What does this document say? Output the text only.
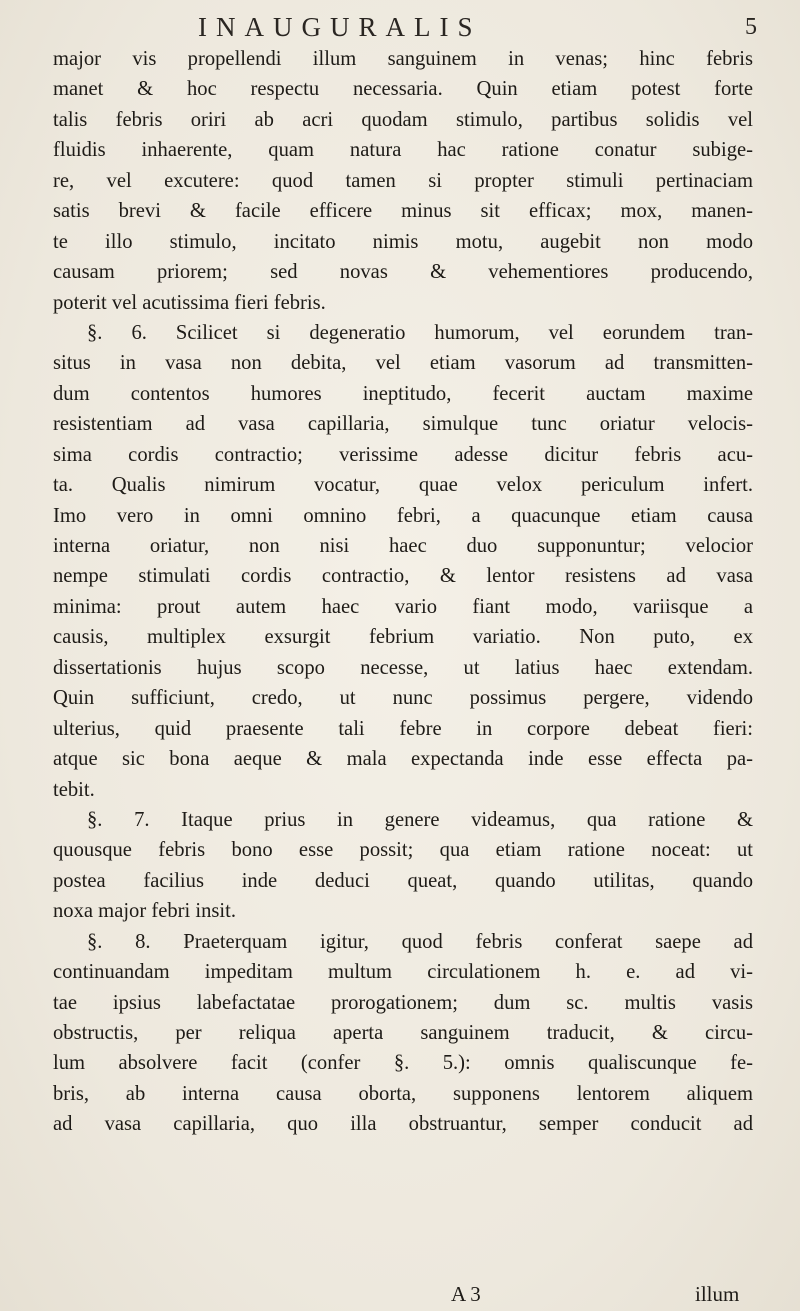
INAUGURALIS	5
major vis propellendi illum sanguinem in venas; hinc febris
manet & hoc respectu necessaria. Quin etiam potest forte
talis febris oriri ab acri quodam stimulo, partibus solidis vel
fluidis inhaerente, quam natura hac ratione conatur subige-
re, vel excutere: quod tamen si propter stimuli pertinaciam
satis brevi & facile efficere minus sit efficax; mox, manen-
te illo stimulo, incitato nimis motu, augebit non modo
causam priorem; sed novas & vehementiores producendo,
poterit vel acutissima fieri febris.
§. 6. Scilicet si degeneratio humorum, vel eorundem tran-
situs in vasa non debita, vel etiam vasorum ad transmitten-
dum contentos humores ineptitudo, fecerit auctam maxime
resistentiam ad vasa capillaria, simulque tunc oriatur velocis-
sima cordis contractio; verissime adesse dicitur febris acu-
ta. Qualis nimirum vocatur, quae velox periculum infert.
Imo vero in omni omnino febri, a quacunque etiam causa
interna oriatur, non nisi haec duo supponuntur; velocior
nempe stimulati cordis contractio, & lentor resistens ad vasa
minima: prout autem haec vario fiant modo, variisque a
causis, multiplex exsurgit febrium variatio. Non puto, ex
dissertationis hujus scopo necesse, ut latius haec extendam.
Quin sufficiunt, credo, ut nunc possimus pergere, videndo
ulterius, quid praesente tali febre in corpore debeat fieri:
atque sic bona aeque & mala expectanda inde esse effecta pa-
tebit.
§. 7. Itaque prius in genere videamus, qua ratione &
quousque febris bono esse possit; qua etiam ratione noceat: ut
postea facilius inde deduci queat, quando utilitas, quando
noxa major febri insit.
§. 8. Praeterquam igitur, quod febris conferat saepe ad
continuandam impeditam multum circulationem h. e. ad vi-
tae ipsius labefactatae prorogationem; dum sc. multis vasis
obstructis, per reliqua aperta sanguinem traducit, & circu-
lum absolvere facit (confer §. 5.): omnis qualiscunque fe-
bris, ab interna causa oborta, supponens lentorem aliquem
ad vasa capillaria, quo illa obstruantur, semper conducit ad
A 3	illum
